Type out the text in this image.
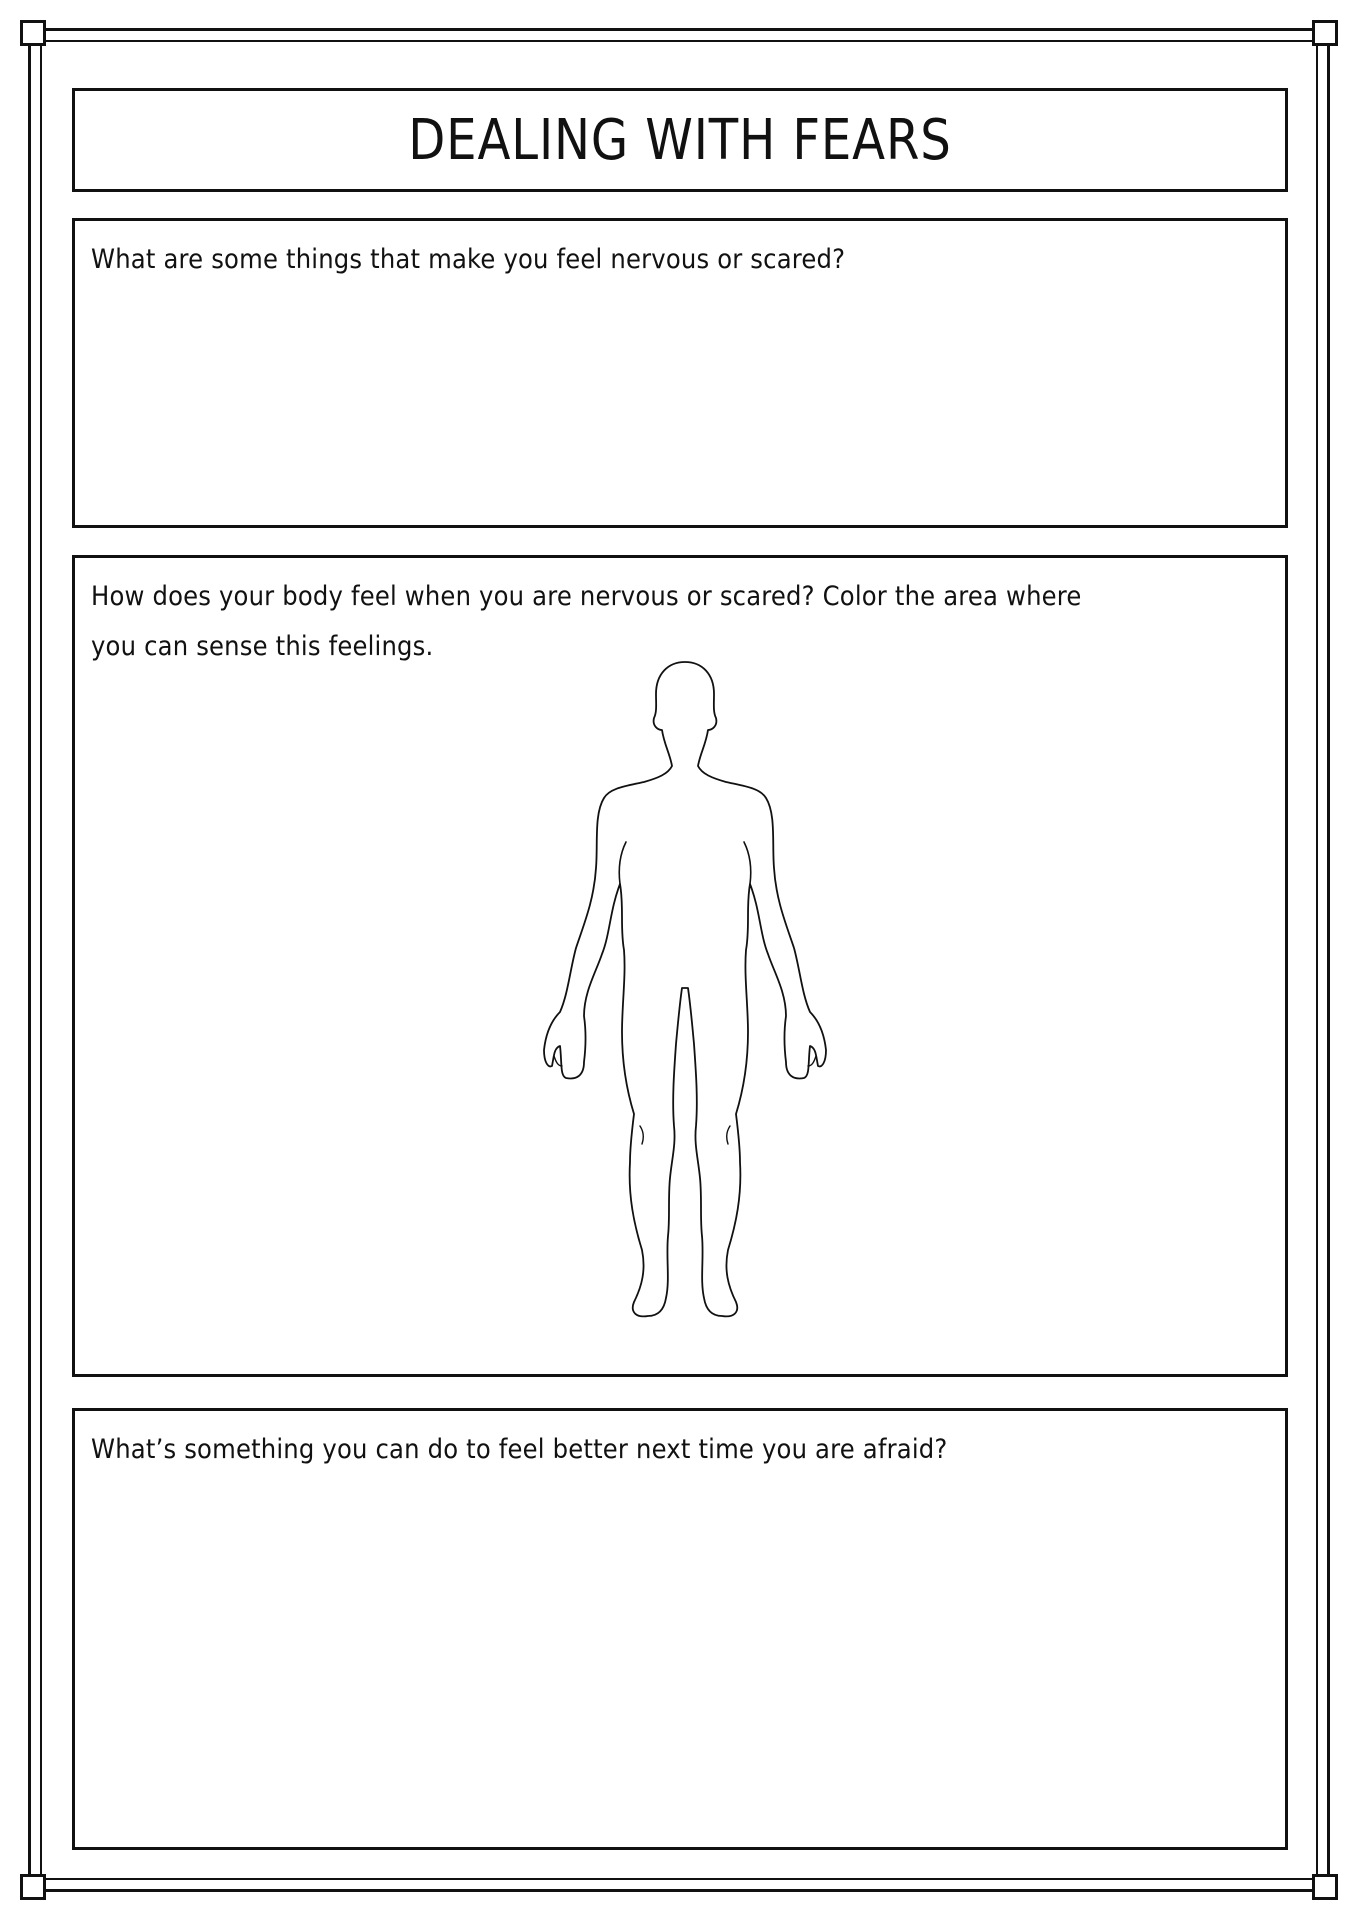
DEALING WITH FEARS
What are some things that make you feel nervous or scared?
How does your body feel when you are nervous or scared? Color the area where you can sense this feelings.
What’s something you can do to feel better next time you are afraid?
